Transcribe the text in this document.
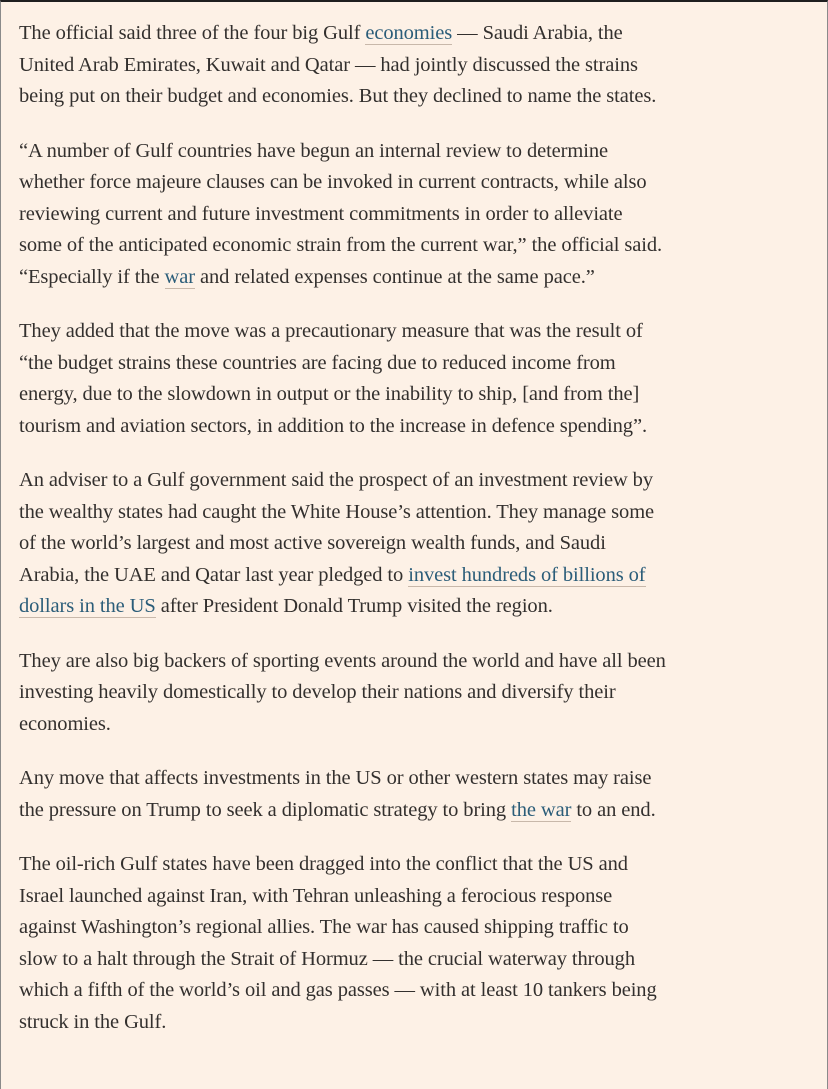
The official said three of the four big Gulf economies — Saudi Arabia, the
United Arab Emirates, Kuwait and Qatar — had jointly discussed the strains
being put on their budget and economies. But they declined to name the states.

“A number of Gulf countries have begun an internal review to determine
whether force majeure clauses can be invoked in current contracts, while also
reviewing current and future investment commitments in order to alleviate
some of the anticipated economic strain from the current war,” the official said.
“Especially if the war and related expenses continue at the same pace.”

They added that the move was a precautionary measure that was the result of
“the budget strains these countries are facing due to reduced income from
energy, due to the slowdown in output or the inability to ship, [and from the]
tourism and aviation sectors, in addition to the increase in defence spending”.

An adviser to a Gulf government said the prospect of an investment review by
the wealthy states had caught the White House’s attention. They manage some
of the world’s largest and most active sovereign wealth funds, and Saudi
Arabia, the UAE and Qatar last year pledged to invest hundreds of billions of
dollars in the US after President Donald Trump visited the region.

They are also big backers of sporting events around the world and have all been
investing heavily domestically to develop their nations and diversify their
economies.

Any move that affects investments in the US or other western states may raise
the pressure on Trump to seek a diplomatic strategy to bring the war to an end.

The oil-rich Gulf states have been dragged into the conflict that the US and
Israel launched against Iran, with Tehran unleashing a ferocious response
against Washington’s regional allies. The war has caused shipping traffic to
slow to a halt through the Strait of Hormuz — the crucial waterway through
which a fifth of the world’s oil and gas passes — with at least 10 tankers being
struck in the Gulf.
